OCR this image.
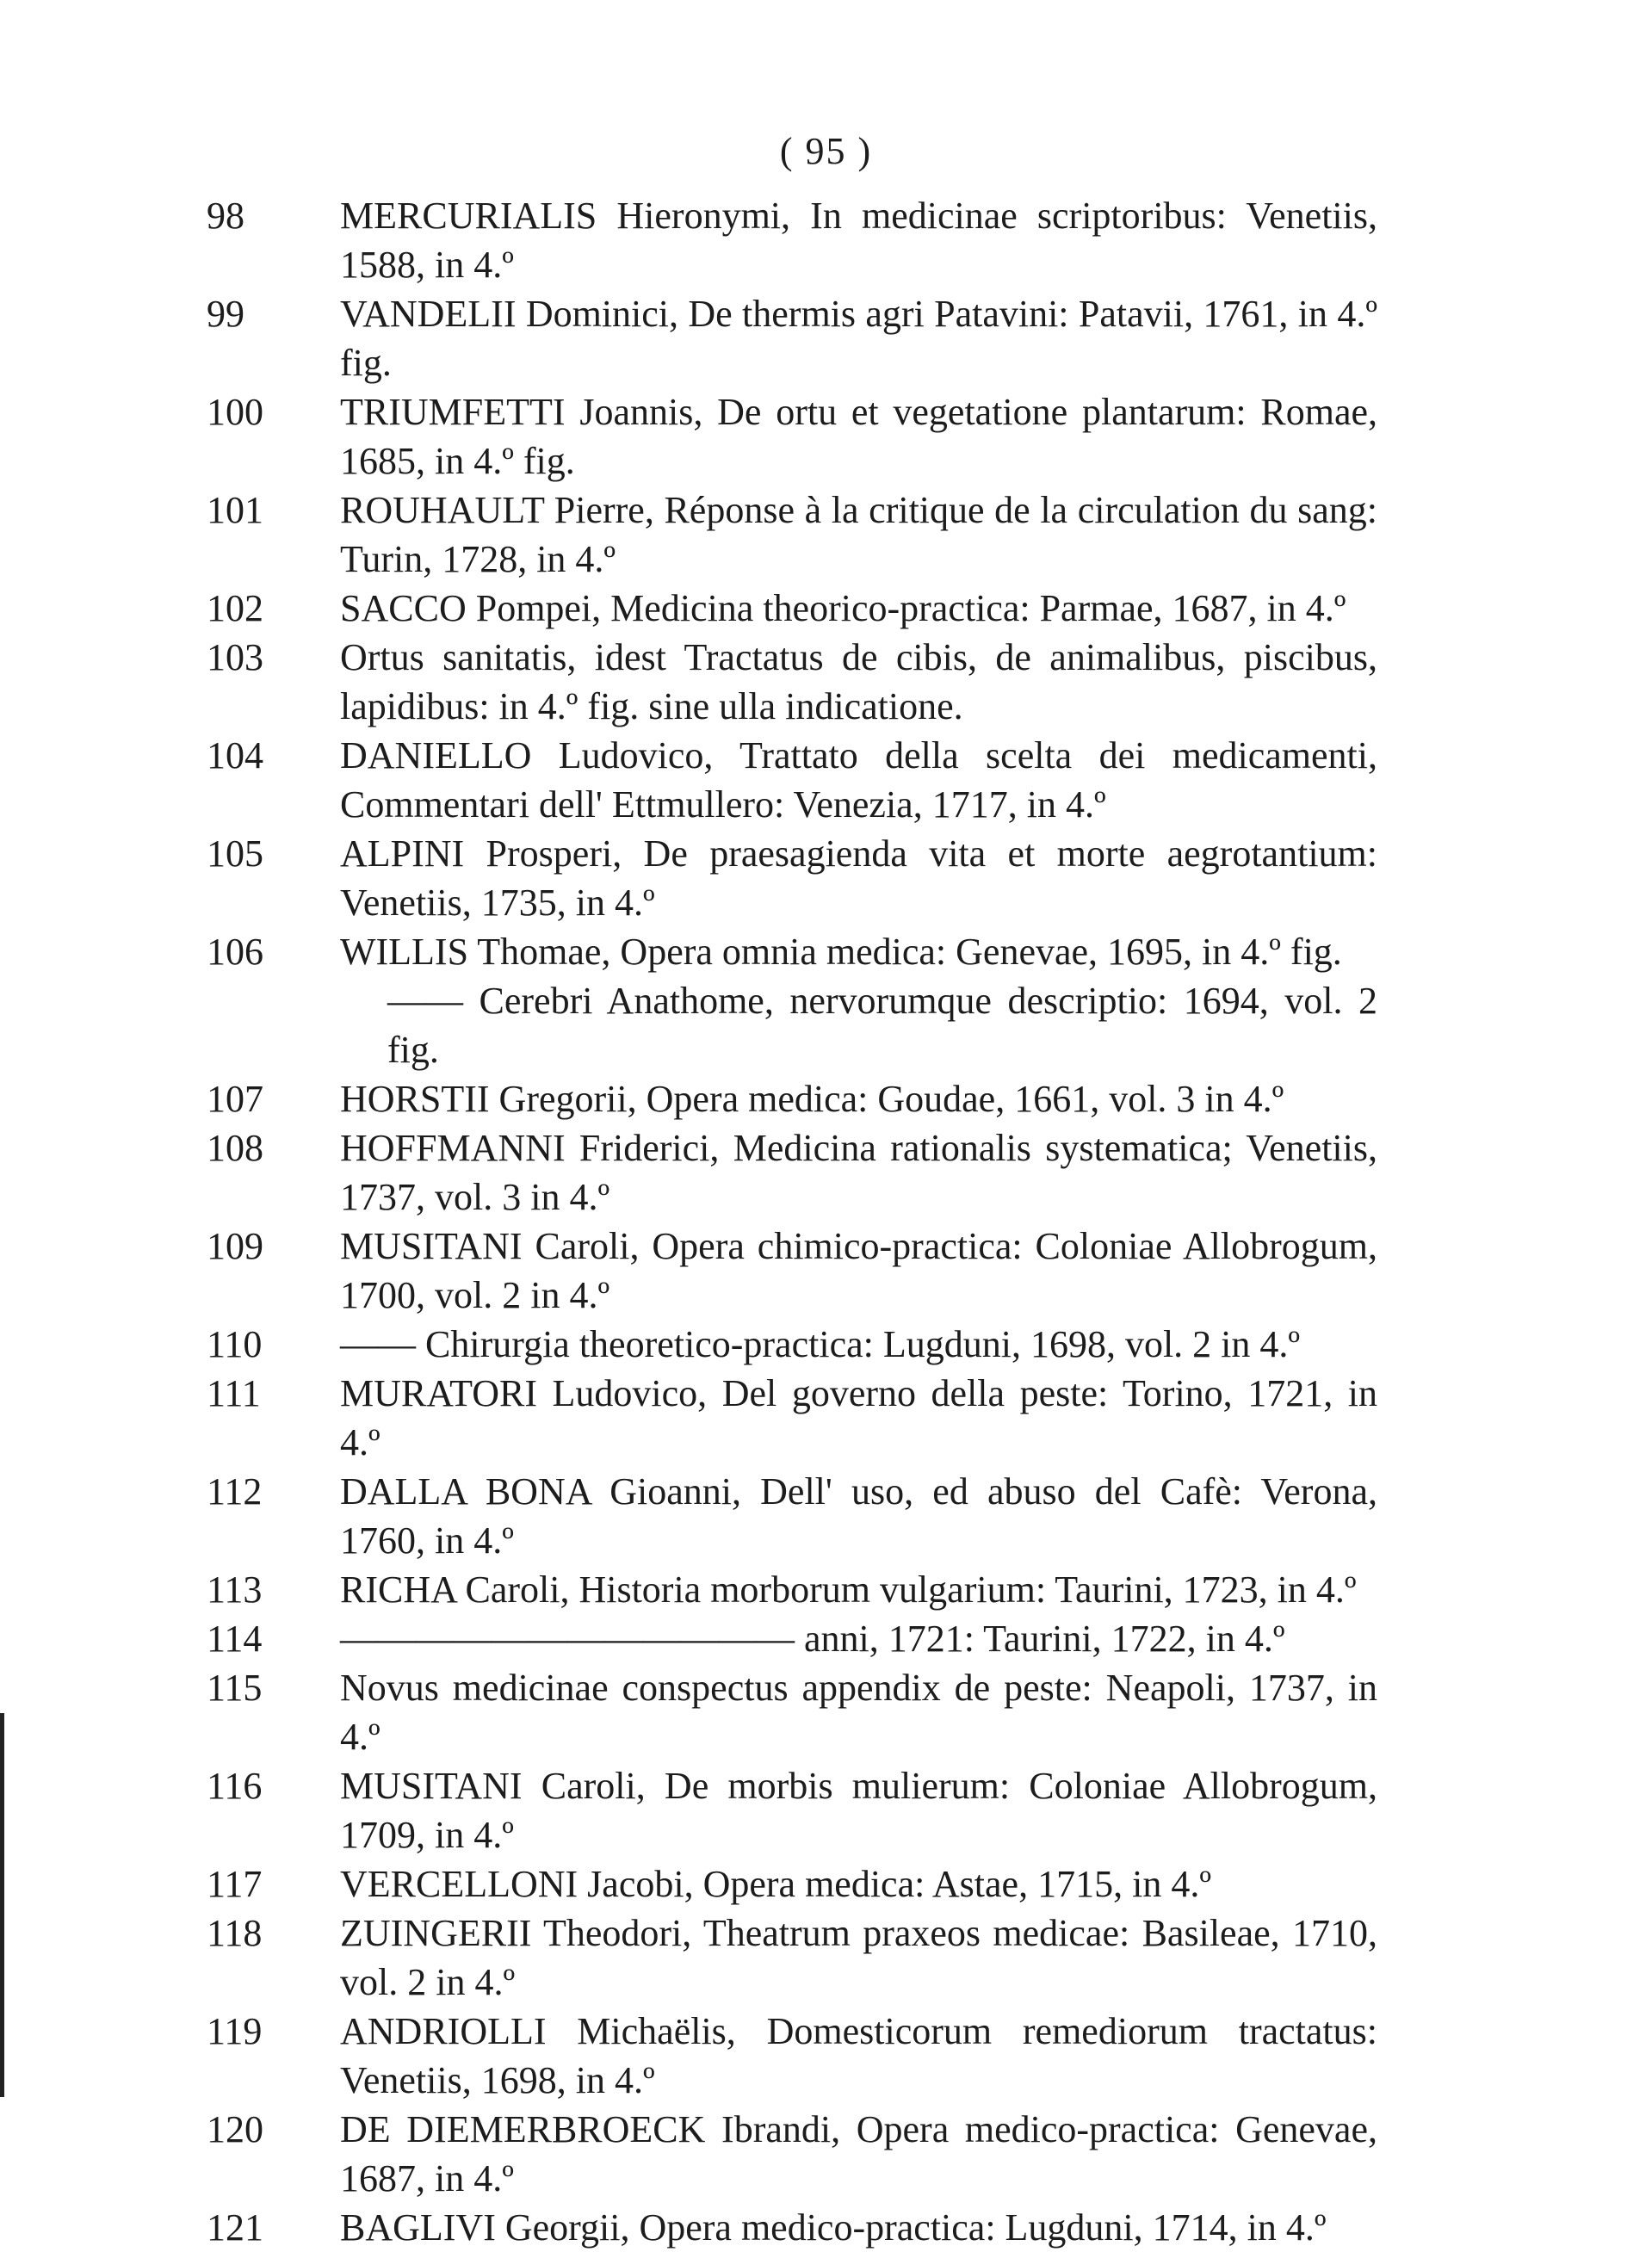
( 95 )

98	MERCURIALIS Hieronymi, In medicinae scriptoribus: Venetiis, 1588, in 4.º

99	VANDELII Dominici, De thermis agri Patavini: Patavii, 1761, in 4.º fig.

100	TRIUMFETTI Joannis, De ortu et vegetatione plantarum: Romae, 1685, in 4.º fig.

101	ROUHAULT Pierre, Réponse à la critique de la circulation du sang: Turin, 1728, in 4.º

102	SACCO Pompei, Medicina theorico-practica: Parmae, 1687, in 4.º

103	Ortus sanitatis, idest Tractatus de cibis, de animalibus, piscibus, lapidibus: in 4.º fig. sine ulla indicatione.

104	DANIELLO Ludovico, Trattato della scelta dei medicamenti, Commentari dell' Ettmullero: Venezia, 1717, in 4.º

105	ALPINI Prosperi, De praesagienda vita et morte aegrotantium: Venetiis, 1735, in 4.º

106	WILLIS Thomae, Opera omnia medica: Genevae, 1695, in 4.º fig.

—— Cerebri Anathome, nervorumque descriptio: 1694, vol. 2 fig.

107	HORSTII Gregorii, Opera medica: Goudae, 1661, vol. 3 in 4.º

108	HOFFMANNI Friderici, Medicina rationalis systematica; Venetiis, 1737, vol. 3 in 4.º

109	MUSITANI Caroli, Opera chimico-practica: Coloniae Allobrogum, 1700, vol. 2 in 4.º

110	—— Chirurgia theoretico-practica: Lugduni, 1698, vol. 2 in 4.º

111	MURATORI Ludovico, Del governo della peste: Torino, 1721, in 4.º

112	DALLA BONA Gioanni, Dell' uso, ed abuso del Cafè: Verona, 1760, in 4.º

113	RICHA Caroli, Historia morborum vulgarium: Taurini, 1723, in 4.º

114	———————————— anni, 1721: Taurini, 1722, in 4.º

115	Novus medicinae conspectus appendix de peste: Neapoli, 1737, in 4.º

116	MUSITANI Caroli, De morbis mulierum: Coloniae Allobrogum, 1709, in 4.º

117	VERCELLONI Jacobi, Opera medica: Astae, 1715, in 4.º

118	ZUINGERII Theodori, Theatrum praxeos medicae: Basileae, 1710, vol. 2 in 4.º

119	ANDRIOLLI Michaëlis, Domesticorum remediorum tractatus: Venetiis, 1698, in 4.º

120	DE DIEMERBROECK Ibrandi, Opera medico-practica: Genevae, 1687, in 4.º

121	BAGLIVI Georgii, Opera medico-practica: Lugduni, 1714, in 4.º
